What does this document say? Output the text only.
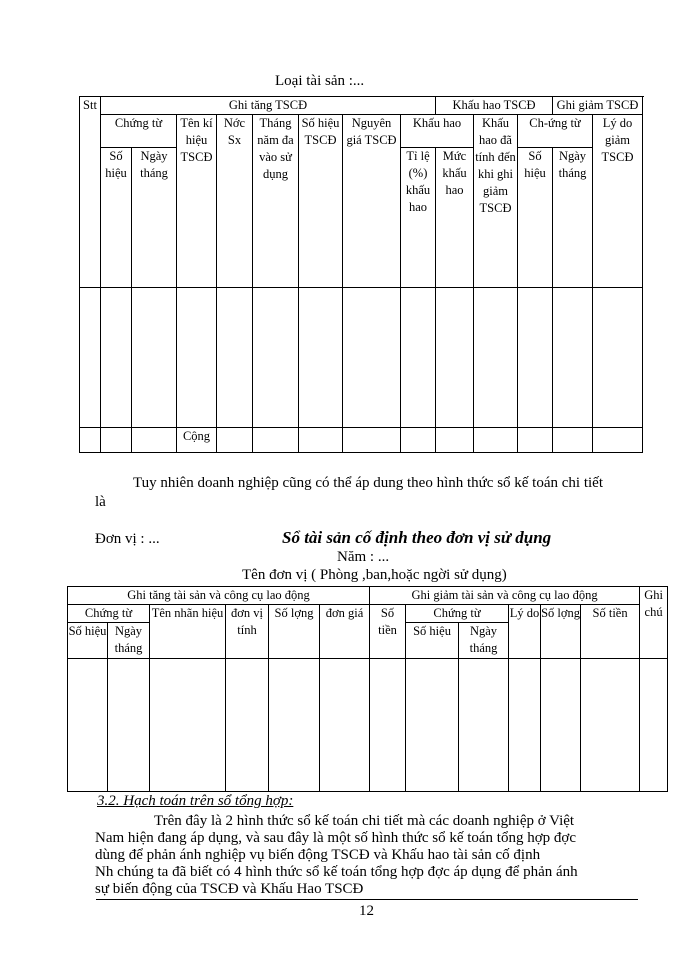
Loại tài sản :...
Stt	Ghi tăng TSCĐ								Khấu hao TSCĐ			Ghi giảm TSCĐ	
	Chứng từ		Tên kí hiệu TSCĐ	Nớc Sx	Tháng năm đa vào sử dụng	Số hiệu TSCĐ	Nguyên giá TSCĐ	Khấu hao		Khấu hao đã tính đến khi ghi giảm TSCĐ	Ch-ứng từ		Lý do giảm TSCĐ
	Số hiệu	Ngày tháng						Tỉ lệ (%) khấu hao	Mức khấu hao		Số hiệu	Ngày tháng	

			Cộng										
Tuy nhiên doanh nghiệp cũng có thể áp dung theo hình thức sổ kế toán chi tiết
là
Đơn vị : ...	Sổ tài sản cố định theo đơn vị sử dụng
Năm : ...
Tên đơn vị ( Phòng ,ban,hoặc ngời sử dụng)
Ghi tăng tài sản và công cụ lao động						Ghi giảm tài sản và công cụ lao động						Ghi chú
Chứng từ		Tên nhãn hiệu	đơn vị tính	Số lợng	đơn giá	Số tiền	Chứng từ		Lý do	Số lợng	Số tiền	
Số hiệu	Ngày tháng						Số hiệu	Ngày tháng				

3.2. Hạch toán trên sổ tổng hợp:
Trên đây là 2 hình thức sổ kế toán chi tiết mà các doanh nghiệp ở Việt
Nam hiện đang áp dụng, và sau đây là một số hình thức sổ kế toán tổng hợp đợc
dùng để phản ánh nghiệp vụ biến động TSCĐ và Khấu hao tài sản cố định
Nh chúng ta đã biết có 4 hình thức sổ kế toán tổng hợp đợc áp dụng để phản ánh
sự biến động của TSCĐ và Khấu Hao TSCĐ
12
